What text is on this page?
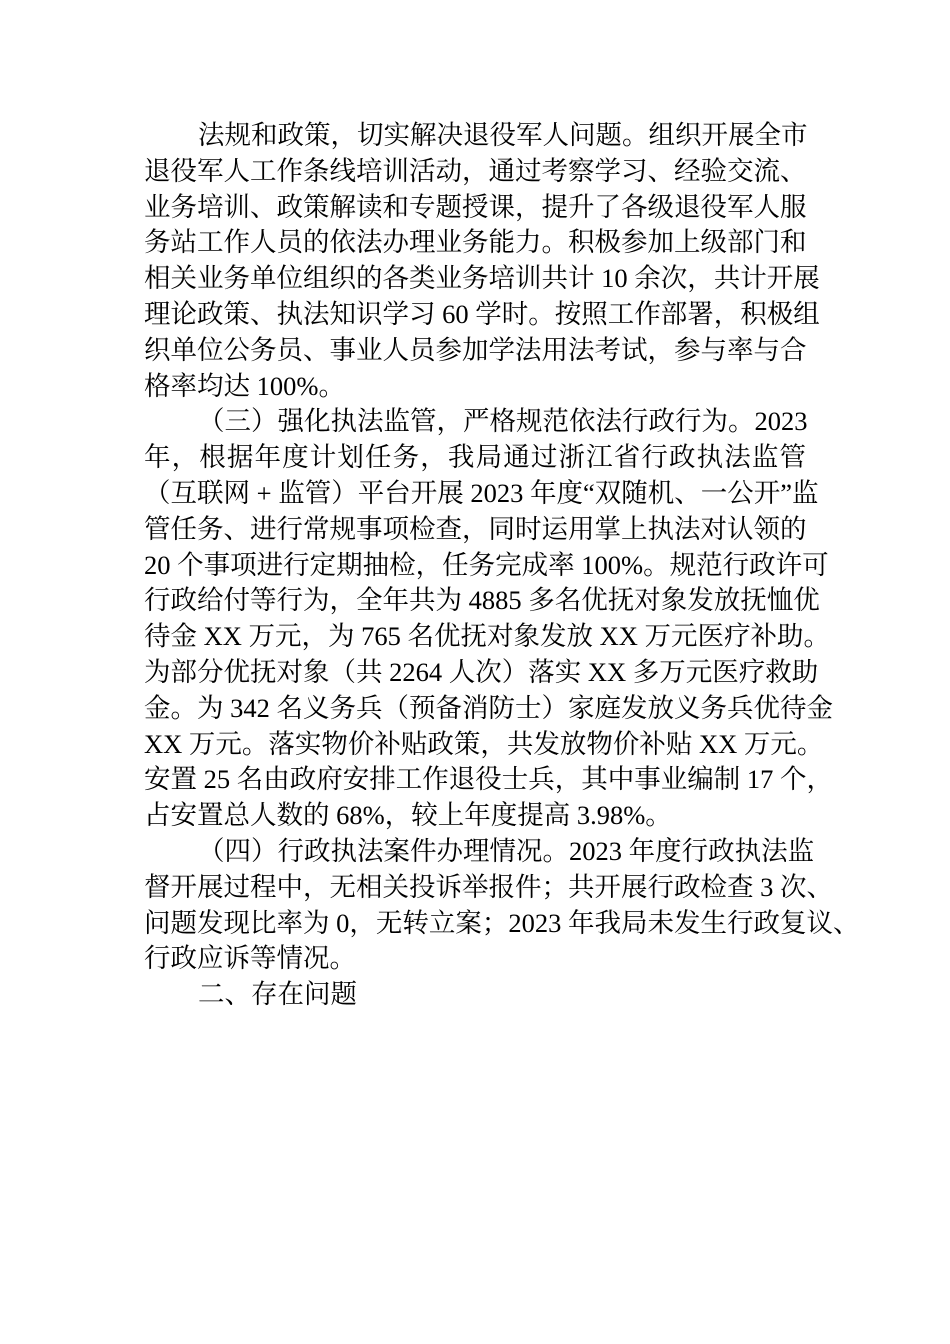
法规和政策，切实解决退役军人问题。组织开展全市
退役军人工作条线培训活动，通过考察学习、经验交流、
业务培训、政策解读和专题授课，提升了各级退役军人服
务站工作人员的依法办理业务能力。积极参加上级部门和
相关业务单位组织的各类业务培训共计 10 余次，共计开展
理论政策、执法知识学习 60 学时。按照工作部署，积极组
织单位公务员、事业人员参加学法用法考试，参与率与合
格率均达 100%。
（三）强化执法监管，严格规范依法行政行为。2023
年，根据年度计划任务，我局通过浙江省行政执法监管
（互联网 + 监管）平台开展 2023 年度“双随机、一公开”监
管任务、进行常规事项检查，同时运用掌上执法对认领的
20 个事项进行定期抽检，任务完成率 100%。规范行政许可
行政给付等行为，全年共为 4885 多名优抚对象发放抚恤优
待金 XX 万元，为 765 名优抚对象发放 XX 万元医疗补助。
为部分优抚对象（共 2264 人次）落实 XX 多万元医疗救助
金。为 342 名义务兵（预备消防士）家庭发放义务兵优待金
XX 万元。落实物价补贴政策，共发放物价补贴 XX 万元。
安置 25 名由政府安排工作退役士兵，其中事业编制 17 个，
占安置总人数的 68%，较上年度提高 3.98%。
（四）行政执法案件办理情况。2023 年度行政执法监
督开展过程中，无相关投诉举报件；共开展行政检查 3 次、
问题发现比率为 0，无转立案；2023 年我局未发生行政复议、
行政应诉等情况。
二、存在问题
